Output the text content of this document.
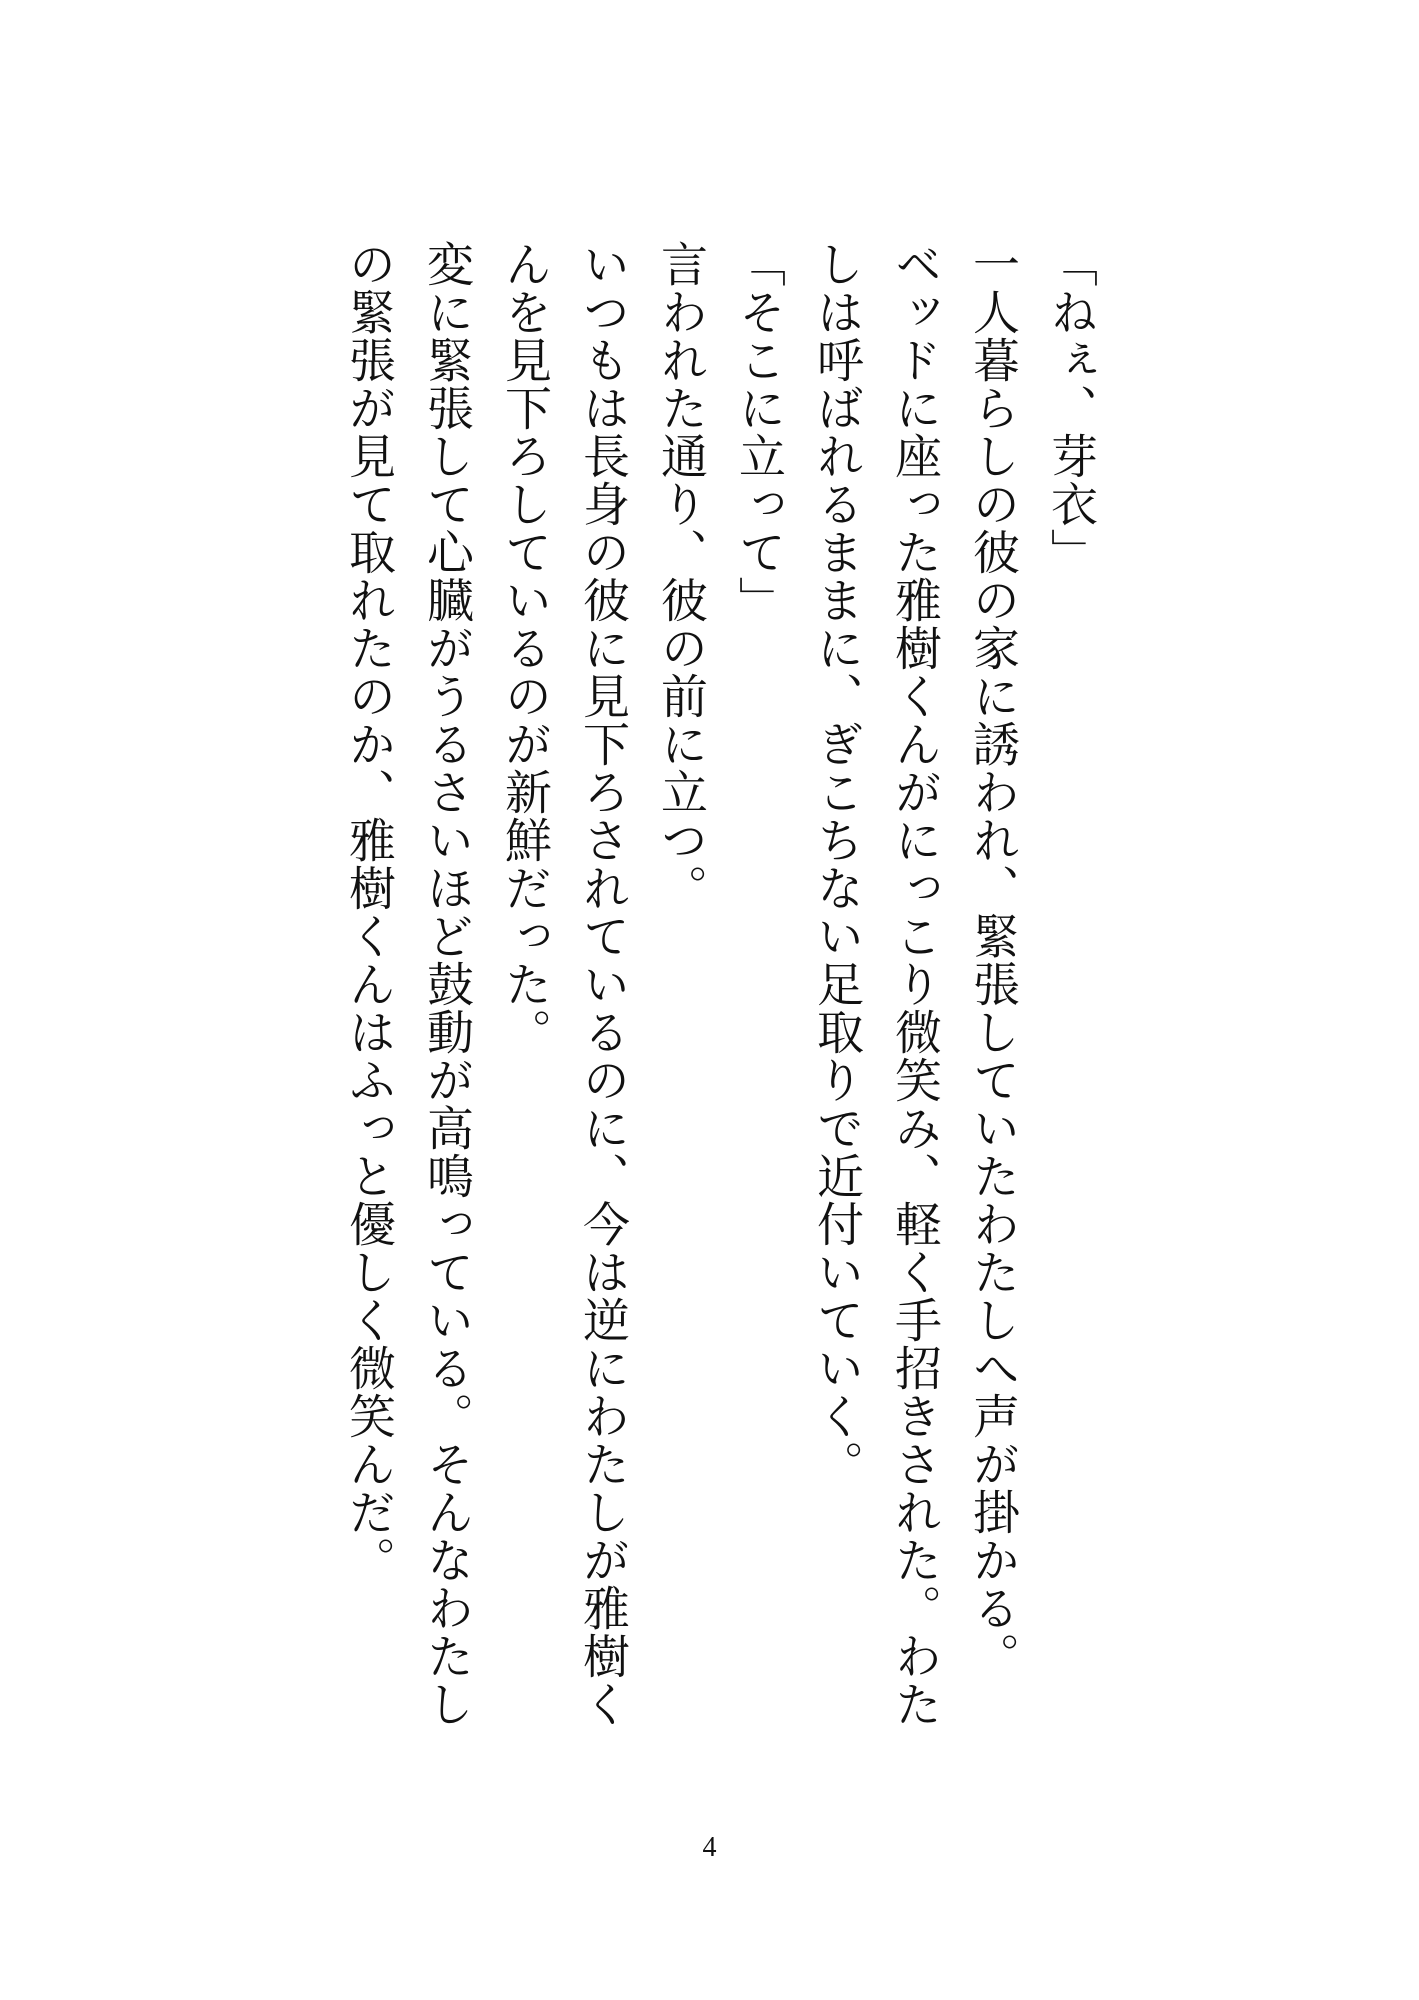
「ねぇ、芽衣」
一人暮らしの彼の家に誘われ、緊張していたわたしへ声が掛かる。
ベッドに座った雅樹くんがにっこり微笑み、軽く手招きされた。わた
しは呼ばれるままに、ぎこちない足取りで近付いていく。
「そこに立って」
言われた通り、彼の前に立つ。
いつもは長身の彼に見下ろされているのに、今は逆にわたしが雅樹く
んを見下ろしているのが新鮮だった。
変に緊張して心臓がうるさいほど鼓動が高鳴っている。そんなわたし
の緊張が見て取れたのか、雅樹くんはふっと優しく微笑んだ。
4
